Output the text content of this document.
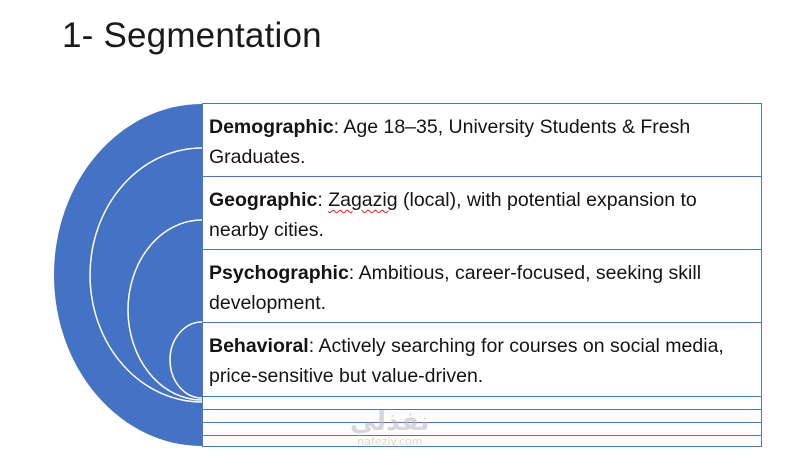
1- Segmentation
Demographic: Age 18–35, University Students & Fresh Graduates.
Geographic: Zagazig (local), with potential expansion to nearby cities.
Psychographic: Ambitious, career-focused, seeking skill development.
Behavioral: Actively searching for courses on social media, price-sensitive but value-driven.
نفذلي
nafezly.com
